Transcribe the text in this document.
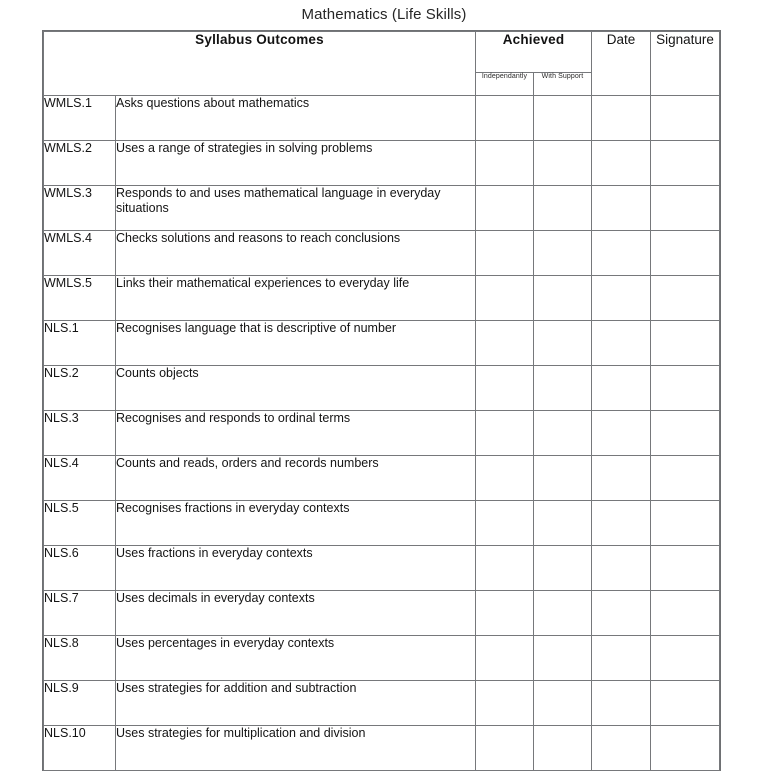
Mathematics (Life Skills)
Syllabus Outcomes		Achieved		Date	Signature
		Independantly	With Support		
WMLS.1	Asks questions about mathematics				
WMLS.2	Uses a range of strategies in solving problems				
WMLS.3	Responds to and uses mathematical language in everyday situations				
WMLS.4	Checks solutions and reasons to reach conclusions				
WMLS.5	Links their mathematical experiences to everyday life				
NLS.1	Recognises language that is descriptive of number				
NLS.2	Counts objects				
NLS.3	Recognises and responds to ordinal terms				
NLS.4	Counts and reads, orders and records numbers				
NLS.5	Recognises fractions in everyday contexts				
NLS.6	Uses fractions in everyday contexts				
NLS.7	Uses decimals in everyday contexts				
NLS.8	Uses percentages in everyday contexts				
NLS.9	Uses strategies for addition and subtraction				
NLS.10	Uses strategies for multiplication and division				
